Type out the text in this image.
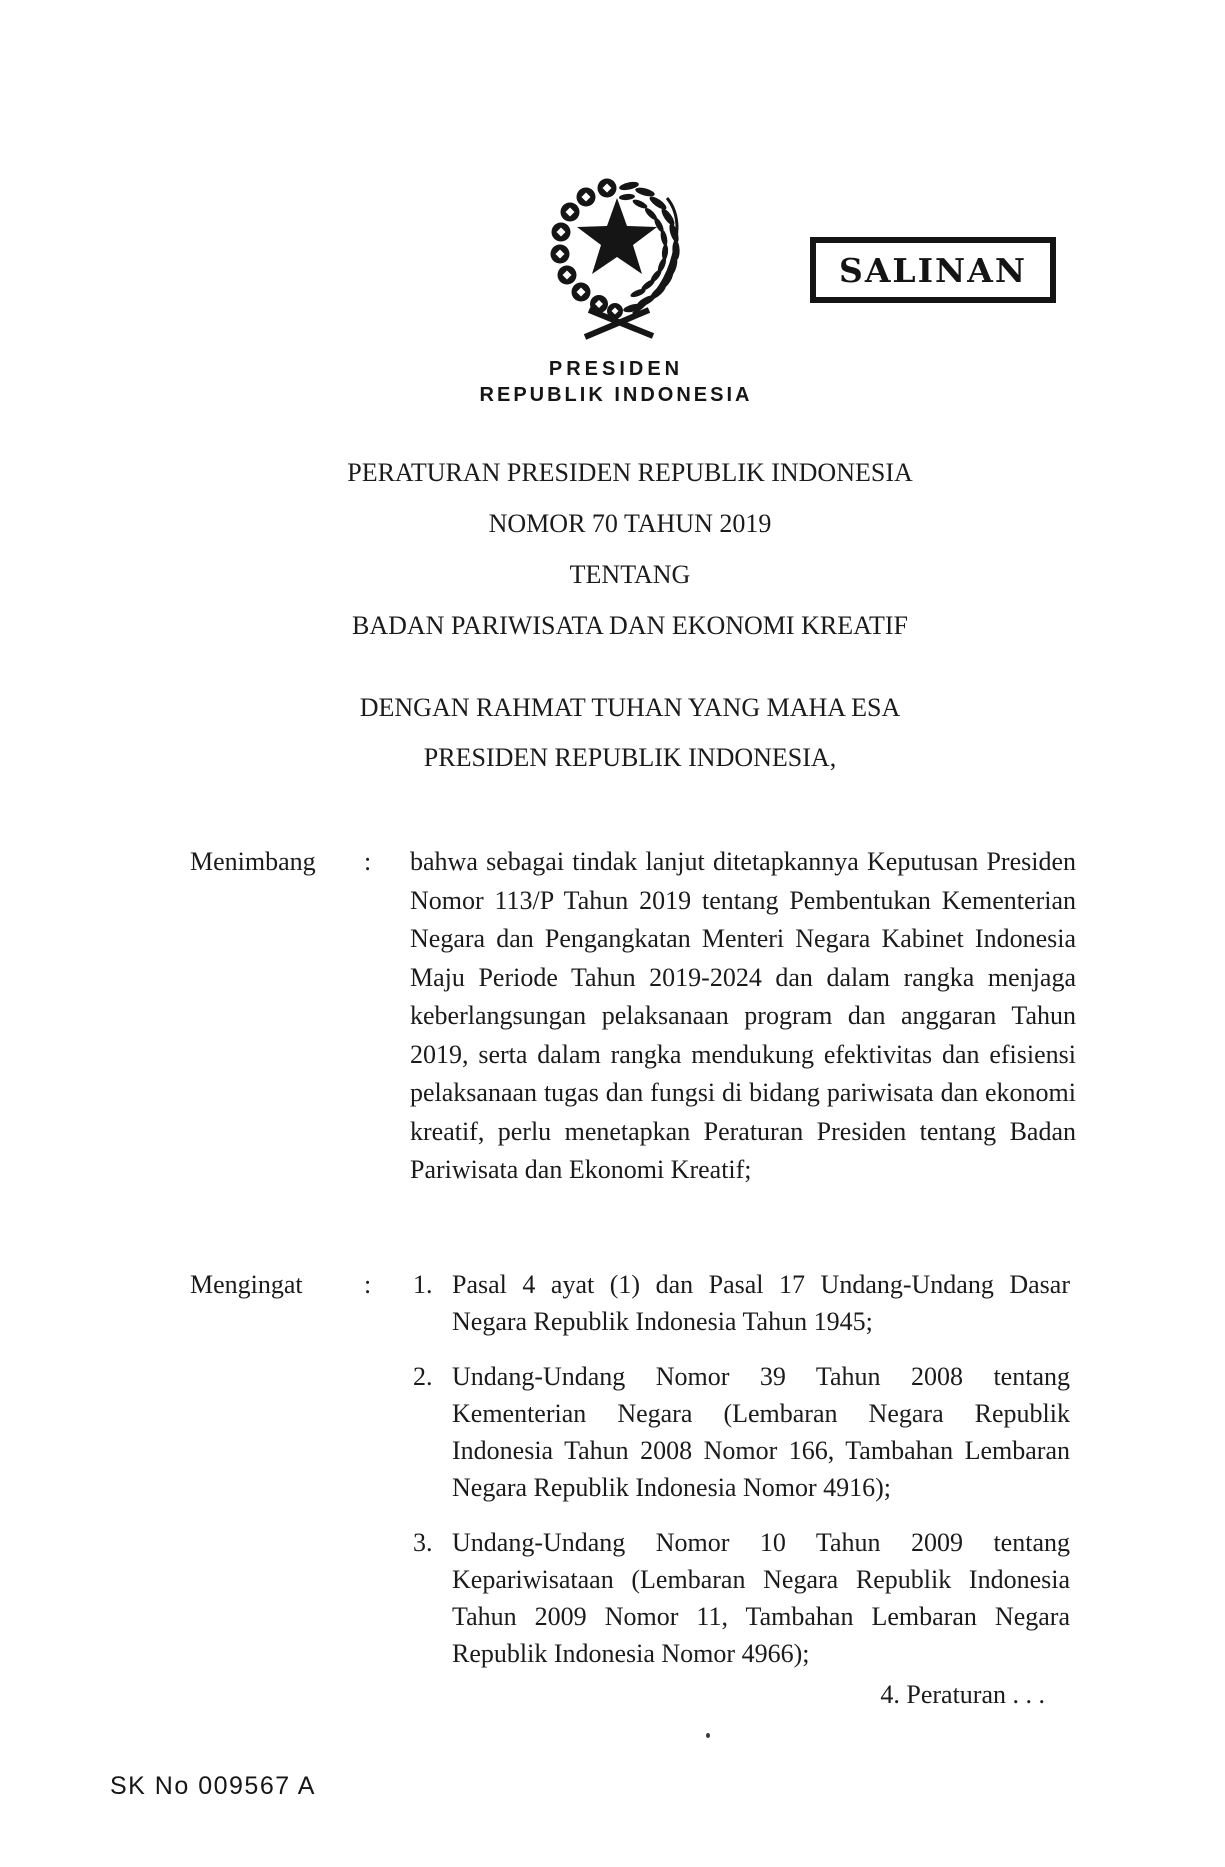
SALINAN
PRESIDEN
REPUBLIK INDONESIA
PERATURAN PRESIDEN REPUBLIK INDONESIA
NOMOR 70 TAHUN 2019
TENTANG
BADAN PARIWISATA DAN EKONOMI KREATIF
DENGAN RAHMAT TUHAN YANG MAHA ESA
PRESIDEN REPUBLIK INDONESIA,
Menimbang : bahwa sebagai tindak lanjut ditetapkannya Keputusan Presiden Nomor 113/P Tahun 2019 tentang Pembentukan Kementerian Negara dan Pengangkatan Menteri Negara Kabinet Indonesia Maju Periode Tahun 2019-2024 dan dalam rangka menjaga keberlangsungan pelaksanaan program dan anggaran Tahun 2019, serta dalam rangka mendukung efektivitas dan efisiensi pelaksanaan tugas dan fungsi di bidang pariwisata dan ekonomi kreatif, perlu menetapkan Peraturan Presiden tentang Badan Pariwisata dan Ekonomi Kreatif;
Mengingat : 1. Pasal 4 ayat (1) dan Pasal 17 Undang-Undang Dasar Negara Republik Indonesia Tahun 1945;
2. Undang-Undang Nomor 39 Tahun 2008 tentang Kementerian Negara (Lembaran Negara Republik Indonesia Tahun 2008 Nomor 166, Tambahan Lembaran Negara Republik Indonesia Nomor 4916);
3. Undang-Undang Nomor 10 Tahun 2009 tentang Kepariwisataan (Lembaran Negara Republik Indonesia Tahun 2009 Nomor 11, Tambahan Lembaran Negara Republik Indonesia Nomor 4966);
4. Peraturan . . .
SK No 009567 A
